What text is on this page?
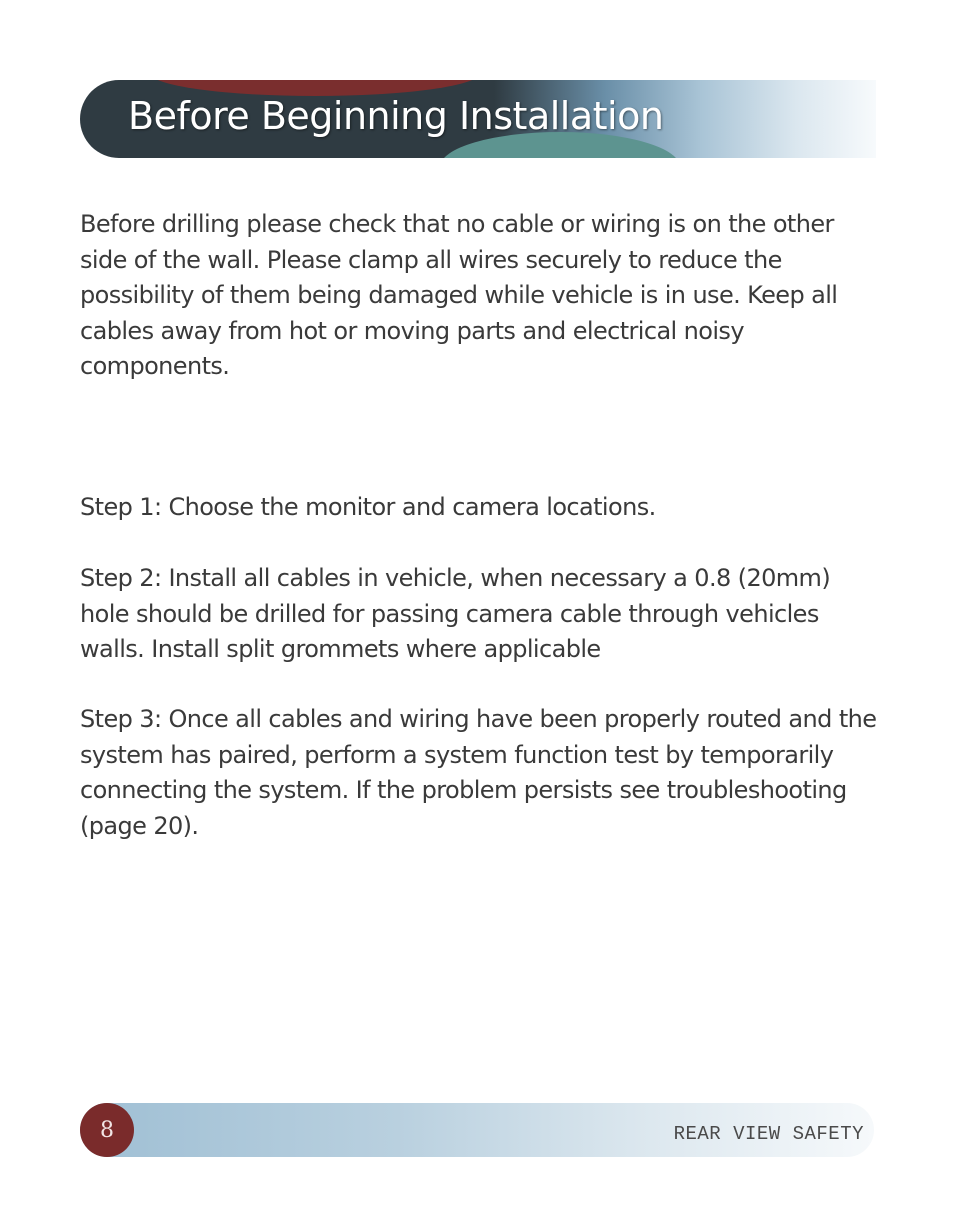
Before Beginning Installation

Before drilling please check that no cable or wiring is on the other side of the wall. Please clamp all wires securely to reduce the possibility of them being damaged while vehicle is in use. Keep all cables away from hot or moving parts and electrical noisy components.

Step 1: Choose the monitor and camera locations.

Step 2: Install all cables in vehicle, when necessary a 0.8 (20mm) hole should be drilled for passing camera cable through vehicles walls. Install split grommets where applicable

Step 3: Once all cables and wiring have been properly routed and the system has paired, perform a system function test by temporarily connecting the system. If the problem persists see troubleshooting (page 20).

8	REAR VIEW SAFETY
